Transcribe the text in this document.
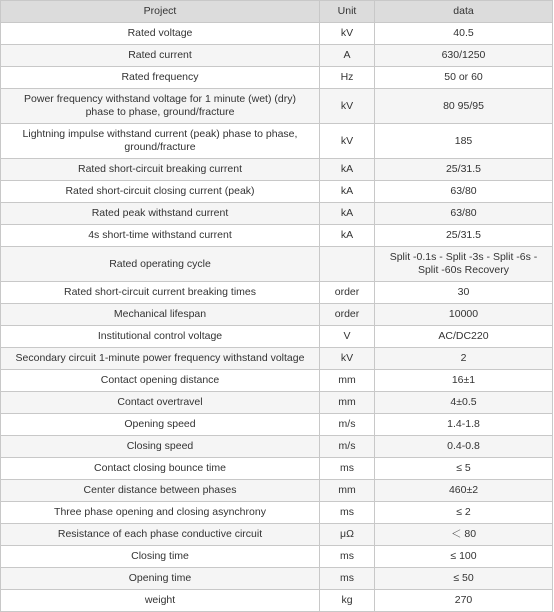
Project	Unit	data
Rated voltage	kV	40.5
Rated current	A	630/1250
Rated frequency	Hz	50 or 60
Power frequency withstand voltage for 1 minute (wet) (dry) phase to phase, ground/fracture	kV	80 95/95
Lightning impulse withstand current (peak) phase to phase, ground/fracture	kV	185
Rated short-circuit breaking current	kA	25/31.5
Rated short-circuit closing current (peak)	kA	63/80
Rated peak withstand current	kA	63/80
4s short-time withstand current	kA	25/31.5
Rated operating cycle		Split -0.1s - Split -3s - Split -6s - Split -60s Recovery
Rated short-circuit current breaking times	order	30
Mechanical lifespan	order	10000
Institutional control voltage	V	AC/DC220
Secondary circuit 1-minute power frequency withstand voltage	kV	2
Contact opening distance	mm	16±1
Contact overtravel	mm	4±0.5
Opening speed	m/s	1.4-1.8
Closing speed	m/s	0.4-0.8
Contact closing bounce time	ms	≤ 5
Center distance between phases	mm	460±2
Three phase opening and closing asynchrony	ms	≤ 2
Resistance of each phase conductive circuit	μΩ	＜ 80
Closing time	ms	≤ 100
Opening time	ms	≤ 50
weight	kg	270
